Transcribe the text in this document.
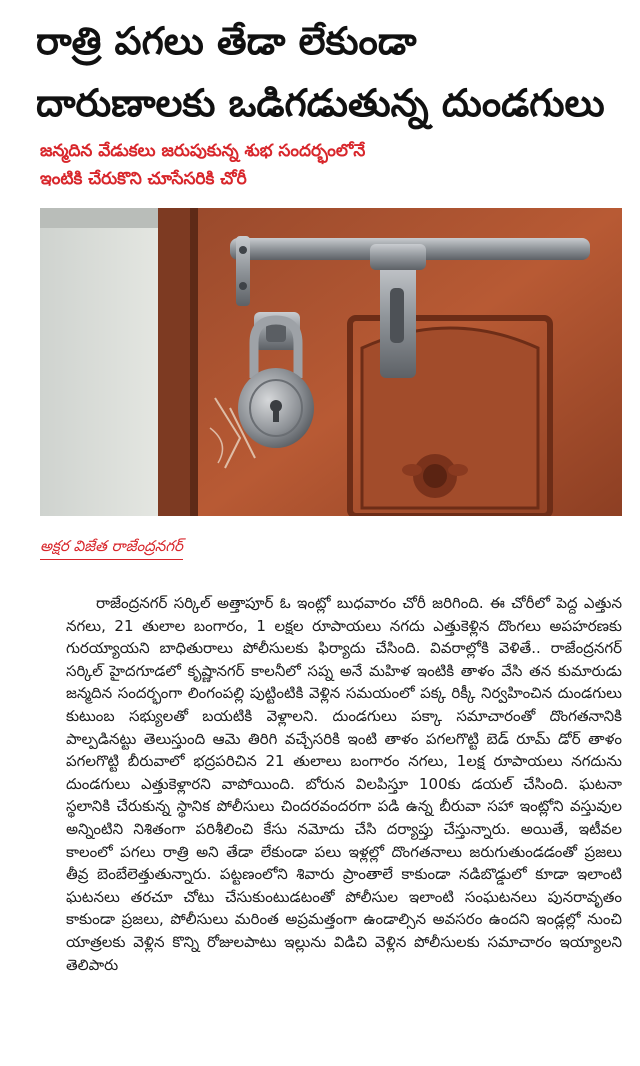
రాత్రి పగలు తేడా లేకుండా
దారుణాలకు ఒడిగడుతున్న దుండగులు
జన్మదిన వేడుకలు జరుపుకున్న శుభ సందర్భంలోనే
ఇంటికి చేరుకొని చూసేసరికి చోరీ
అక్షర విజేత రాజేంద్రనగర్

రాజేంద్రనగర్ సర్కిల్ అత్తాపూర్ ఓ ఇంట్లో బుధవారం చోరీ జరిగింది. ఈ చోరీలో పెద్ద ఎత్తున నగలు, 21 తులాల బంగారం, 1 లక్షల రూపాయలు నగదు ఎత్తుకెళ్లిన దొంగలు అపహరణకు గురయ్యాయని బాధితురాలు పోలీసులకు ఫిర్యాదు చేసింది. వివరాల్లోకి వెళితే.. రాజేంద్రనగర్ సర్కిల్ హైదగూడలో కృష్ణానగర్ కాలనీలో సప్న అనే మహిళ ఇంటికి తాళం వేసి తన కుమారుడు జన్మదిన సందర్భంగా లింగంపల్లి పుట్టింటికి వెళ్లిన సమయంలో పక్క రిక్కీ నిర్వహించిన దుండగులు కుటుంబ సభ్యులతో బయటికి వెళ్లాలని. దుండగులు పక్కా సమాచారంతో దొంగతనానికి పాల్పడినట్టు తెలుస్తుంది ఆమె తిరిగి వచ్చేసరికి ఇంటి తాళం పగలగొట్టి బెడ్ రూమ్ డోర్ తాళం పగలగొట్టి బీరువాలో భద్రపరిచిన 21 తులాలు బంగారం నగలు, 1లక్ష రూపాయలు నగదును దుండగులు ఎత్తుకెళ్లారని వాపోయింది. బోరున విలపిస్తూ 100కు డయల్ చేసింది. ఘటనా స్థలానికి చేరుకున్న స్థానిక పోలీసులు చిందరవందరగా పడి ఉన్న బీరువా సహా ఇంట్లోని వస్తువుల అన్నింటిని నిశితంగా పరిశీలించి కేసు నమోదు చేసి దర్యాప్తు చేస్తున్నారు. అయితే, ఇటీవల కాలంలో పగలు రాత్రి అని తేడా లేకుండా పలు ఇళ్లల్లో దొంగతనాలు జరుగుతుండడంతో ప్రజలు తీవ్ర బెంబేలెత్తుతున్నారు. పట్టణంలోని శివారు ప్రాంతాలే కాకుండా నడిబొడ్డులో కూడా ఇలాంటి ఘటనలు తరచూ చోటు చేసుకుంటుడటంతో పోలీసుల ఇలాంటి సంఘటనలు పునరావృతం కాకుండా ప్రజలు, పోలీసులు మరింత అప్రమత్తంగా ఉండాల్సిన అవసరం ఉందని ఇండ్లల్లో నుంచి యాత్రలకు వెళ్లిన కొన్ని రోజులపాటు ఇల్లును విడిచి వెళ్లిన పోలీసులకు సమాచారం ఇయ్యాలని తెలిపారు
